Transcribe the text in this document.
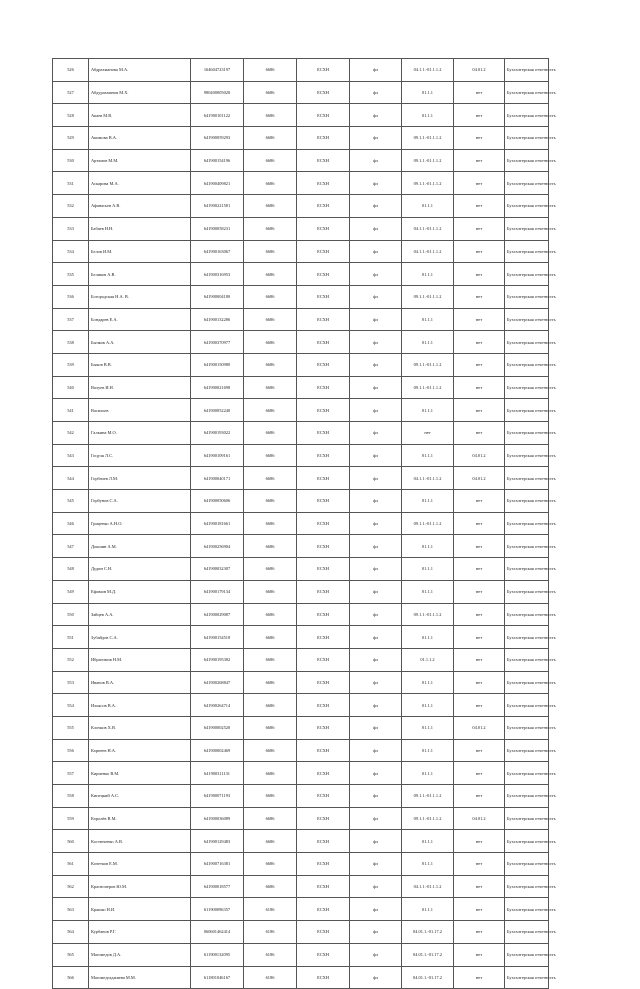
526	Абдрахманова М.А.	164604723197	6686	ЕСХН	фл	04.1.1.-01.1.1.2	04.01.2	Бухгалтерская отчетность
527	Абдурахманов М.Х.	980400005020	6686	ЕСХН	фл	01.1.1	нет	Бухгалтерская отчетность
528	Акаев М.В.	641900101122	6686	ЕСХН	фл	01.1.1	нет	Бухгалтерская отчетность
529	Акимова В.А.	641900059293	6686	ЕСХН	фл	09.1.1.-01.1.1.2	нет	Бухгалтерская отчетность
530	Артамов М.М.	641900154196	6686	ЕСХН	фл	09.1.1.-01.1.1.2	нет	Бухгалтерская отчетность
531	Аскарова М.А.	641900409821	6686	ЕСХН	фл	09.1.1.-01.1.1.2	нет	Бухгалтерская отчетность
532	Афанасьев А.В.	641900221581	6686	ЕСХН	фл	01.1.1	нет	Бухгалтерская отчетность
533	Бабаев Н.Н.	641900058231	6686	ЕСХН	фл	04.1.1.-01.1.1.2	нет	Бухгалтерская отчетность
534	Белов И.М.	641900163067	6686	ЕСХН	фл	04.1.1.-01.1.1.2	нет	Бухгалтерская отчетность
535	Беликов А.В.	641900316953	6686	ЕСХН	фл	01.1.1	нет	Бухгалтерская отчетность
536	Богородская Н.А. В.	641900004180	6686	ЕСХН	фл	09.1.1.-01.1.1.2	нет	Бухгалтерская отчетность
537	Бондарев Е.А.	641900132286	6686	ЕСХН	фл	01.1.1	нет	Бухгалтерская отчетность
538	Бычков А.А.	641900370977	6686	ЕСХН	фл	01.1.1	нет	Бухгалтерская отчетность
539	Быков В.В.	641900150980	6686	ЕСХН	фл	09.1.1.-01.1.1.2	нет	Бухгалтерская отчетность
540	Валуев И.Н.	641900021698	6686	ЕСХН	фл	09.1.1.-01.1.1.2	нет	Бухгалтерская отчетность
541	Васильев	641900052240	6686	ЕСХН	фл	01.1.1	нет	Бухгалтерская отчетность
542	Галкина М.О.	641900193022	6686	ЕСХН	фл	нет	нет	Бухгалтерская отчетность
543	Гоцуля Л.С.	641900109161	6686	ЕСХН	фл	01.1.1	04.01.2	Бухгалтерская отчетность
544	Горбачев Л.М.	641900040171	6686	ЕСХН	фл	04.1.1.-01.1.1.2	04.01.2	Бухгалтерская отчетность
545	Горбунов С.А.	641900050606	6686	ЕСХН	фл	01.1.1	нет	Бухгалтерская отчетность
546	Гриценко А.Н.О.	641900181661	6686	ЕСХН	фл	09.1.1.-01.1.1.2	нет	Бухгалтерская отчетность
547	Докшин А.М.	641900256904	6686	ЕСХН	фл	01.1.1	нет	Бухгалтерская отчетность
548	Дудин С.Н.	641900032307	6686	ЕСХН	фл	01.1.1	нет	Бухгалтерская отчетность
549	Ефимов М.Д.	641900179134	6686	ЕСХН	фл	01.1.1	нет	Бухгалтерская отчетность
550	Зайцев А.А.	641900029087	6686	ЕСХН	фл	09.1.1.-01.1.1.2	нет	Бухгалтерская отчетность
551	Зубайдов С.А.	641900154518	6686	ЕСХН	фл	01.1.1	нет	Бухгалтерская отчетность
552	Ибрагимов Н.М.	641900195382	6686	ЕСХН	фл	01.1.1.2	нет	Бухгалтерская отчетность
553	Иванов В.А.	641900268847	6686	ЕСХН	фл	01.1.1	нет	Бухгалтерская отчетность
554	Ильясов В.А.	641900264714	6686	ЕСХН	фл	01.1.1	нет	Бухгалтерская отчетность
555	Клочков Х.В.	641900002520	6686	ЕСХН	фл	01.1.1	04.01.2	Бухгалтерская отчетность
556	Корнеев Н.А.	641900002469	6686	ЕСХН	фл	01.1.1	нет	Бухгалтерская отчетность
557	Кириенко В.М.	641900311131	6686	ЕСХН	фл	01.1.1	нет	Бухгалтерская отчетность
558	Кипецкий А.С.	641900071193	6686	ЕСХН	фл	09.1.1.-01.1.1.2	нет	Бухгалтерская отчетность
559	Королёв В.М.	641900036089	6686	ЕСХН	фл	09.1.1.-01.1.1.2	04.01.2	Бухгалтерская отчетность
560	Костюченко А.В.	641900129483	6686	ЕСХН	фл	01.1.1	нет	Бухгалтерская отчетность
561	Кочетков Е.М.	641900716381	6686	ЕСХН	фл	01.1.1	нет	Бухгалтерская отчетность
562	Красноперов Ю.М.	641900018577	6686	ЕСХН	фл	04.1.1.-01.1.1.2	нет	Бухгалтерская отчетность
563	Крашко Н.И.	611900096357	6186	ЕСХН	фл	01.1.1	нет	Бухгалтерская отчетность
564	Курбанов Р.Г.	060601462414	6186	ЕСХН	фл	04.01.1.-01.17.2	нет	Бухгалтерская отчетность
565	Магомедов Д.А.	611900132095	6186	ЕСХН	фл	04.01.1.-01.17.2	нет	Бухгалтерская отчетность
566	Магомедгаджиева М.М.	611801046167	6186	ЕСХН	фл	04.01.1.-01.17.2	нет	Бухгалтерская отчетность
